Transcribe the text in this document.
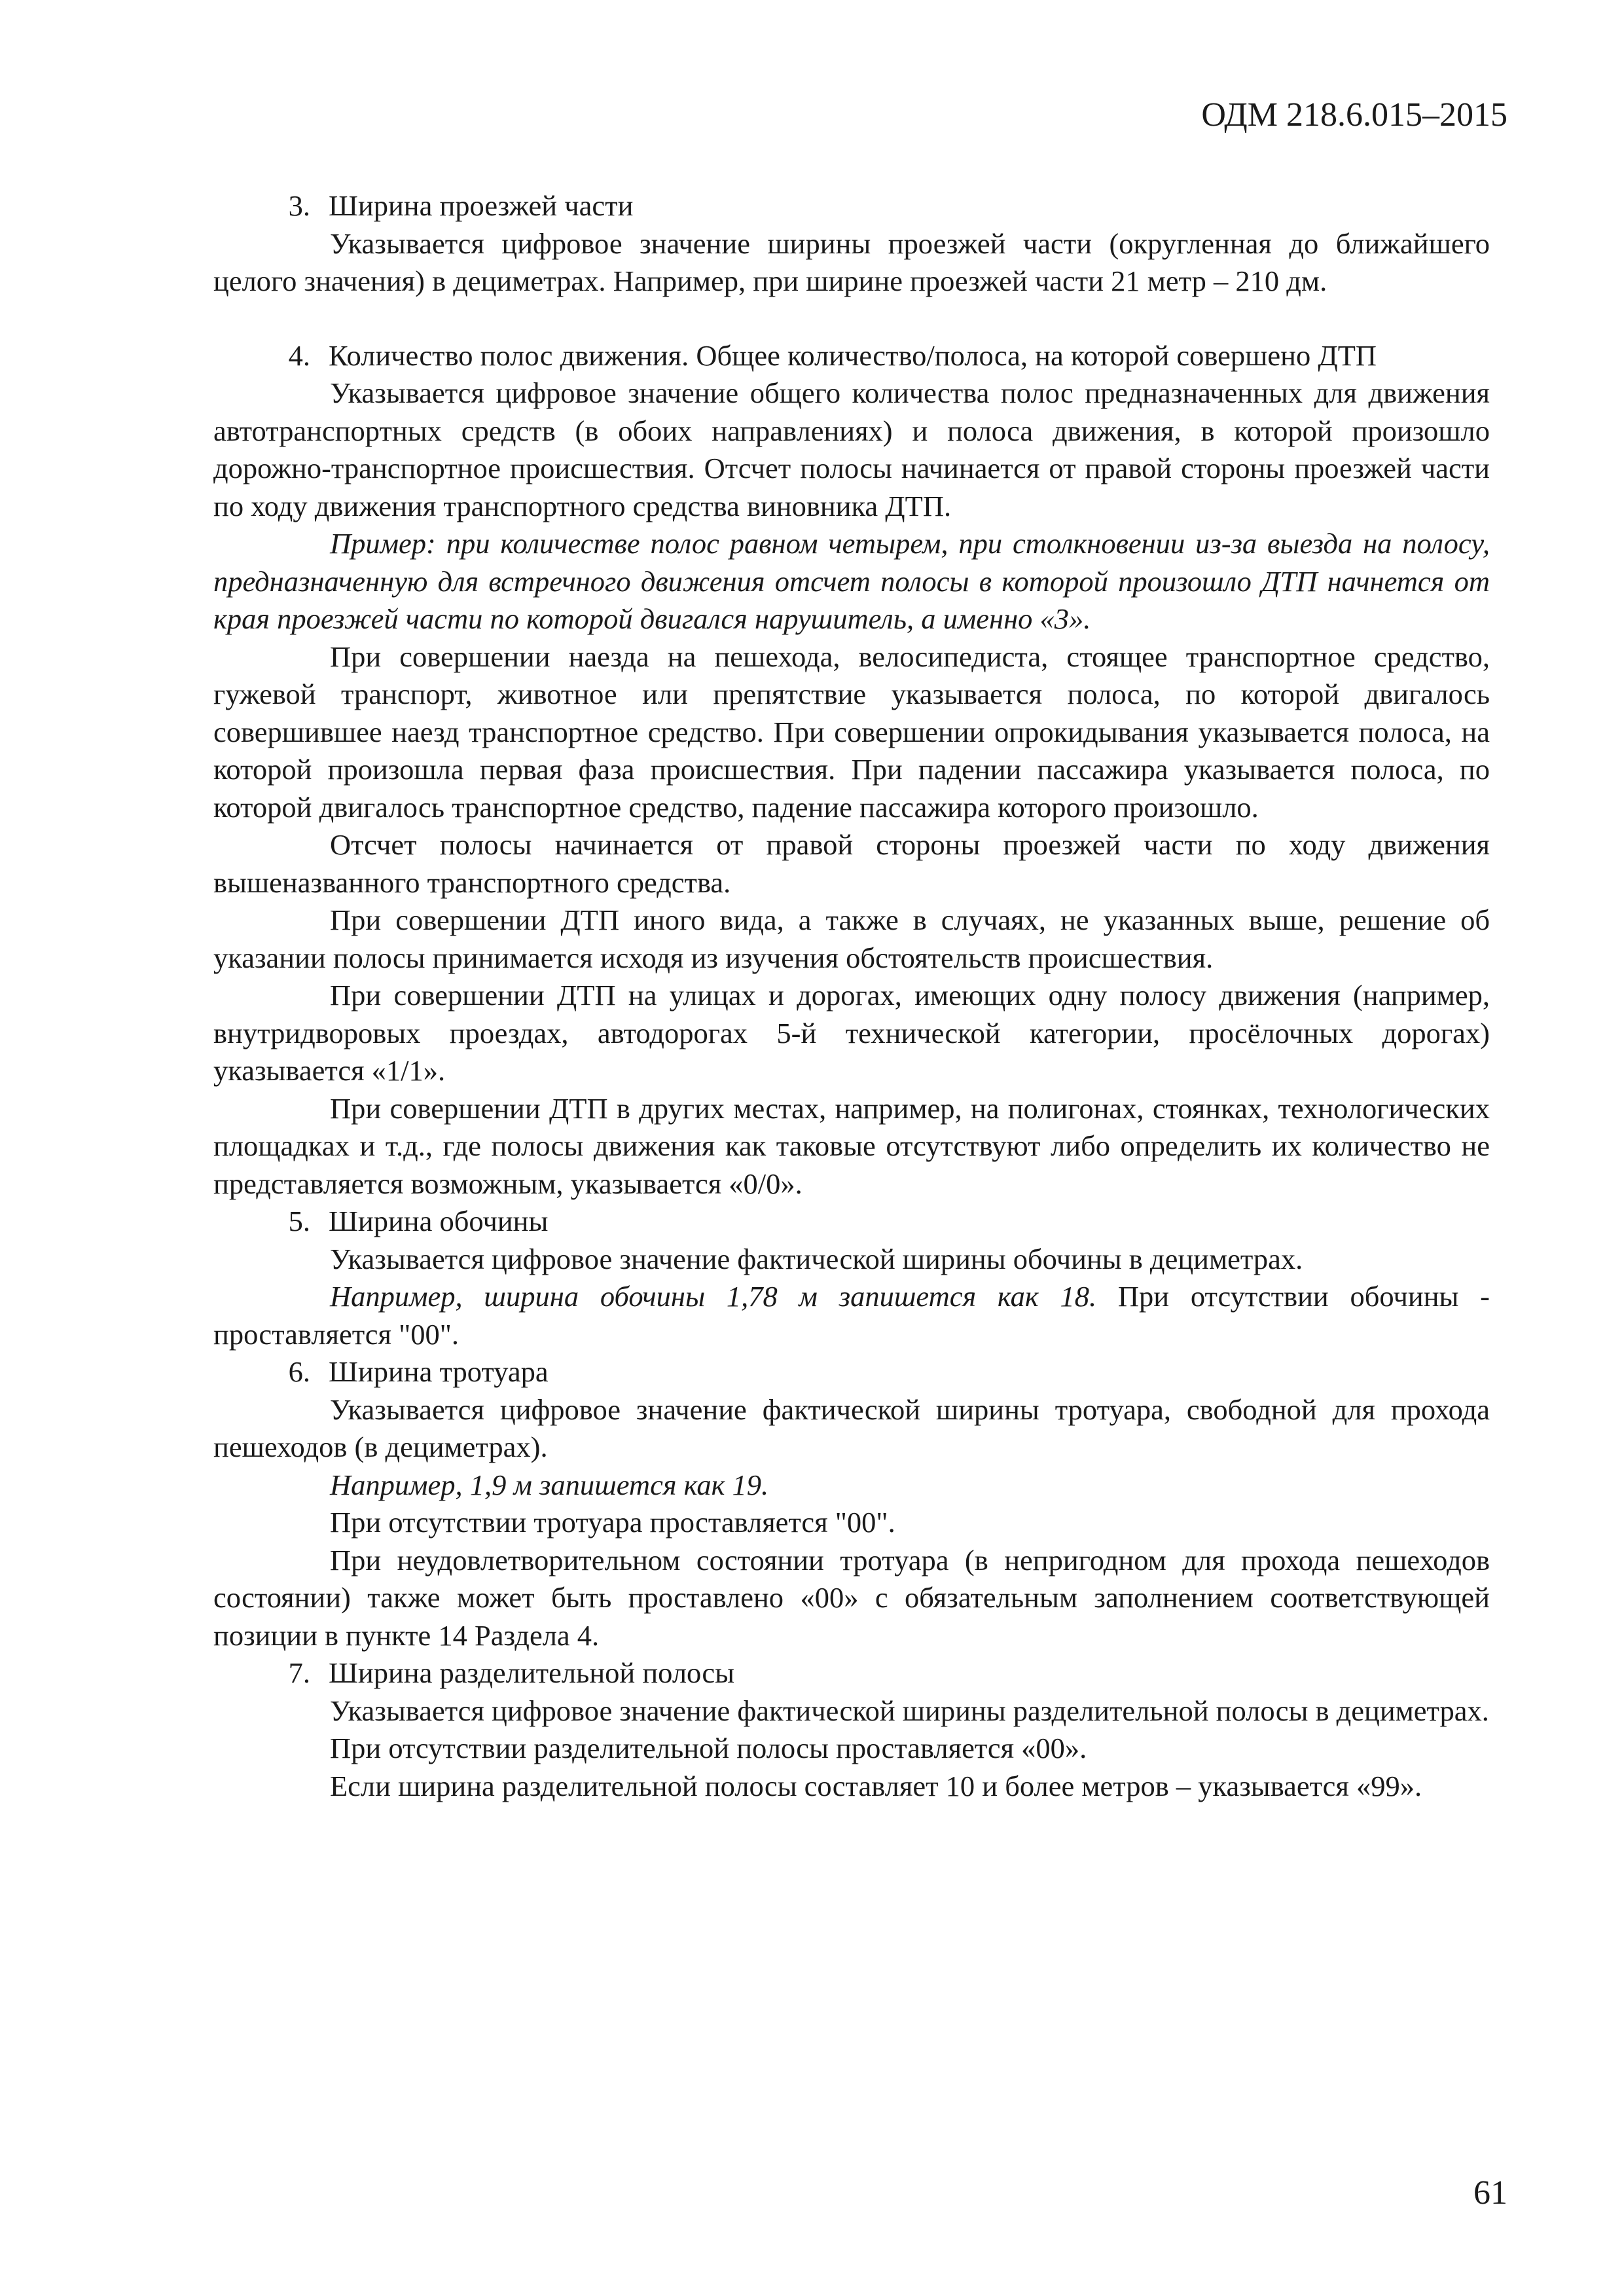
ОДМ 218.6.015–2015
3. Ширина проезжей части

Указывается цифровое значение ширины проезжей части (округленная до ближайшего целого значения) в дециметрах. Например, при ширине проезжей части 21 метр – 210 дм.

4. Количество полос движения. Общее количество/полоса, на которой совершено ДТП

Указывается цифровое значение общего количества полос предназначенных для движения автотранспортных средств (в обоих направлениях) и полоса движения, в которой произошло дорожно-транспортное происшествия. Отсчет полосы начинается от правой стороны проезжей части по ходу движения транспортного средства виновника ДТП.

Пример: при количестве полос равном четырем, при столкновении из-за выезда на полосу, предназначенную для встречного движения отсчет полосы в которой произошло ДТП начнется от края проезжей части по которой двигался нарушитель, а именно «3».

При совершении наезда на пешехода, велосипедиста, стоящее транспортное средство, гужевой транспорт, животное или препятствие указывается полоса, по которой двигалось совершившее наезд транспортное средство. При совершении опрокидывания указывается полоса, на которой произошла первая фаза происшествия. При падении пассажира указывается полоса, по которой двигалось транспортное средство, падение пассажира которого произошло.

Отсчет полосы начинается от правой стороны проезжей части по ходу движения вышеназванного транспортного средства.

При совершении ДТП иного вида, а также в случаях, не указанных выше, решение об указании полосы принимается исходя из изучения обстоятельств происшествия.

При совершении ДТП на улицах и дорогах, имеющих одну полосу движения (например, внутридворовых проездах, автодорогах 5-й технической категории, просёлочных дорогах) указывается «1/1».

При совершении ДТП в других местах, например, на полигонах, стоянках, технологических площадках и т.д., где полосы движения как таковые отсутствуют либо определить их количество не представляется возможным, указывается «0/0».

5. Ширина обочины

Указывается цифровое значение фактической ширины обочины в дециметрах.

Например, ширина обочины 1,78 м запишется как 18. При отсутствии обочины - проставляется "00".

6. Ширина тротуара

Указывается цифровое значение фактической ширины тротуара, свободной для прохода пешеходов (в дециметрах).

Например, 1,9 м запишется как 19.

При отсутствии тротуара проставляется "00".

При неудовлетворительном состоянии тротуара (в непригодном для прохода пешеходов состоянии) также может быть проставлено «00» с обязательным заполнением соответствующей позиции в пункте 14 Раздела 4.

7. Ширина разделительной полосы

Указывается цифровое значение фактической ширины разделительной полосы в дециметрах.

При отсутствии разделительной полосы проставляется «00».

Если ширина разделительной полосы составляет 10 и более метров – указывается «99».

61
